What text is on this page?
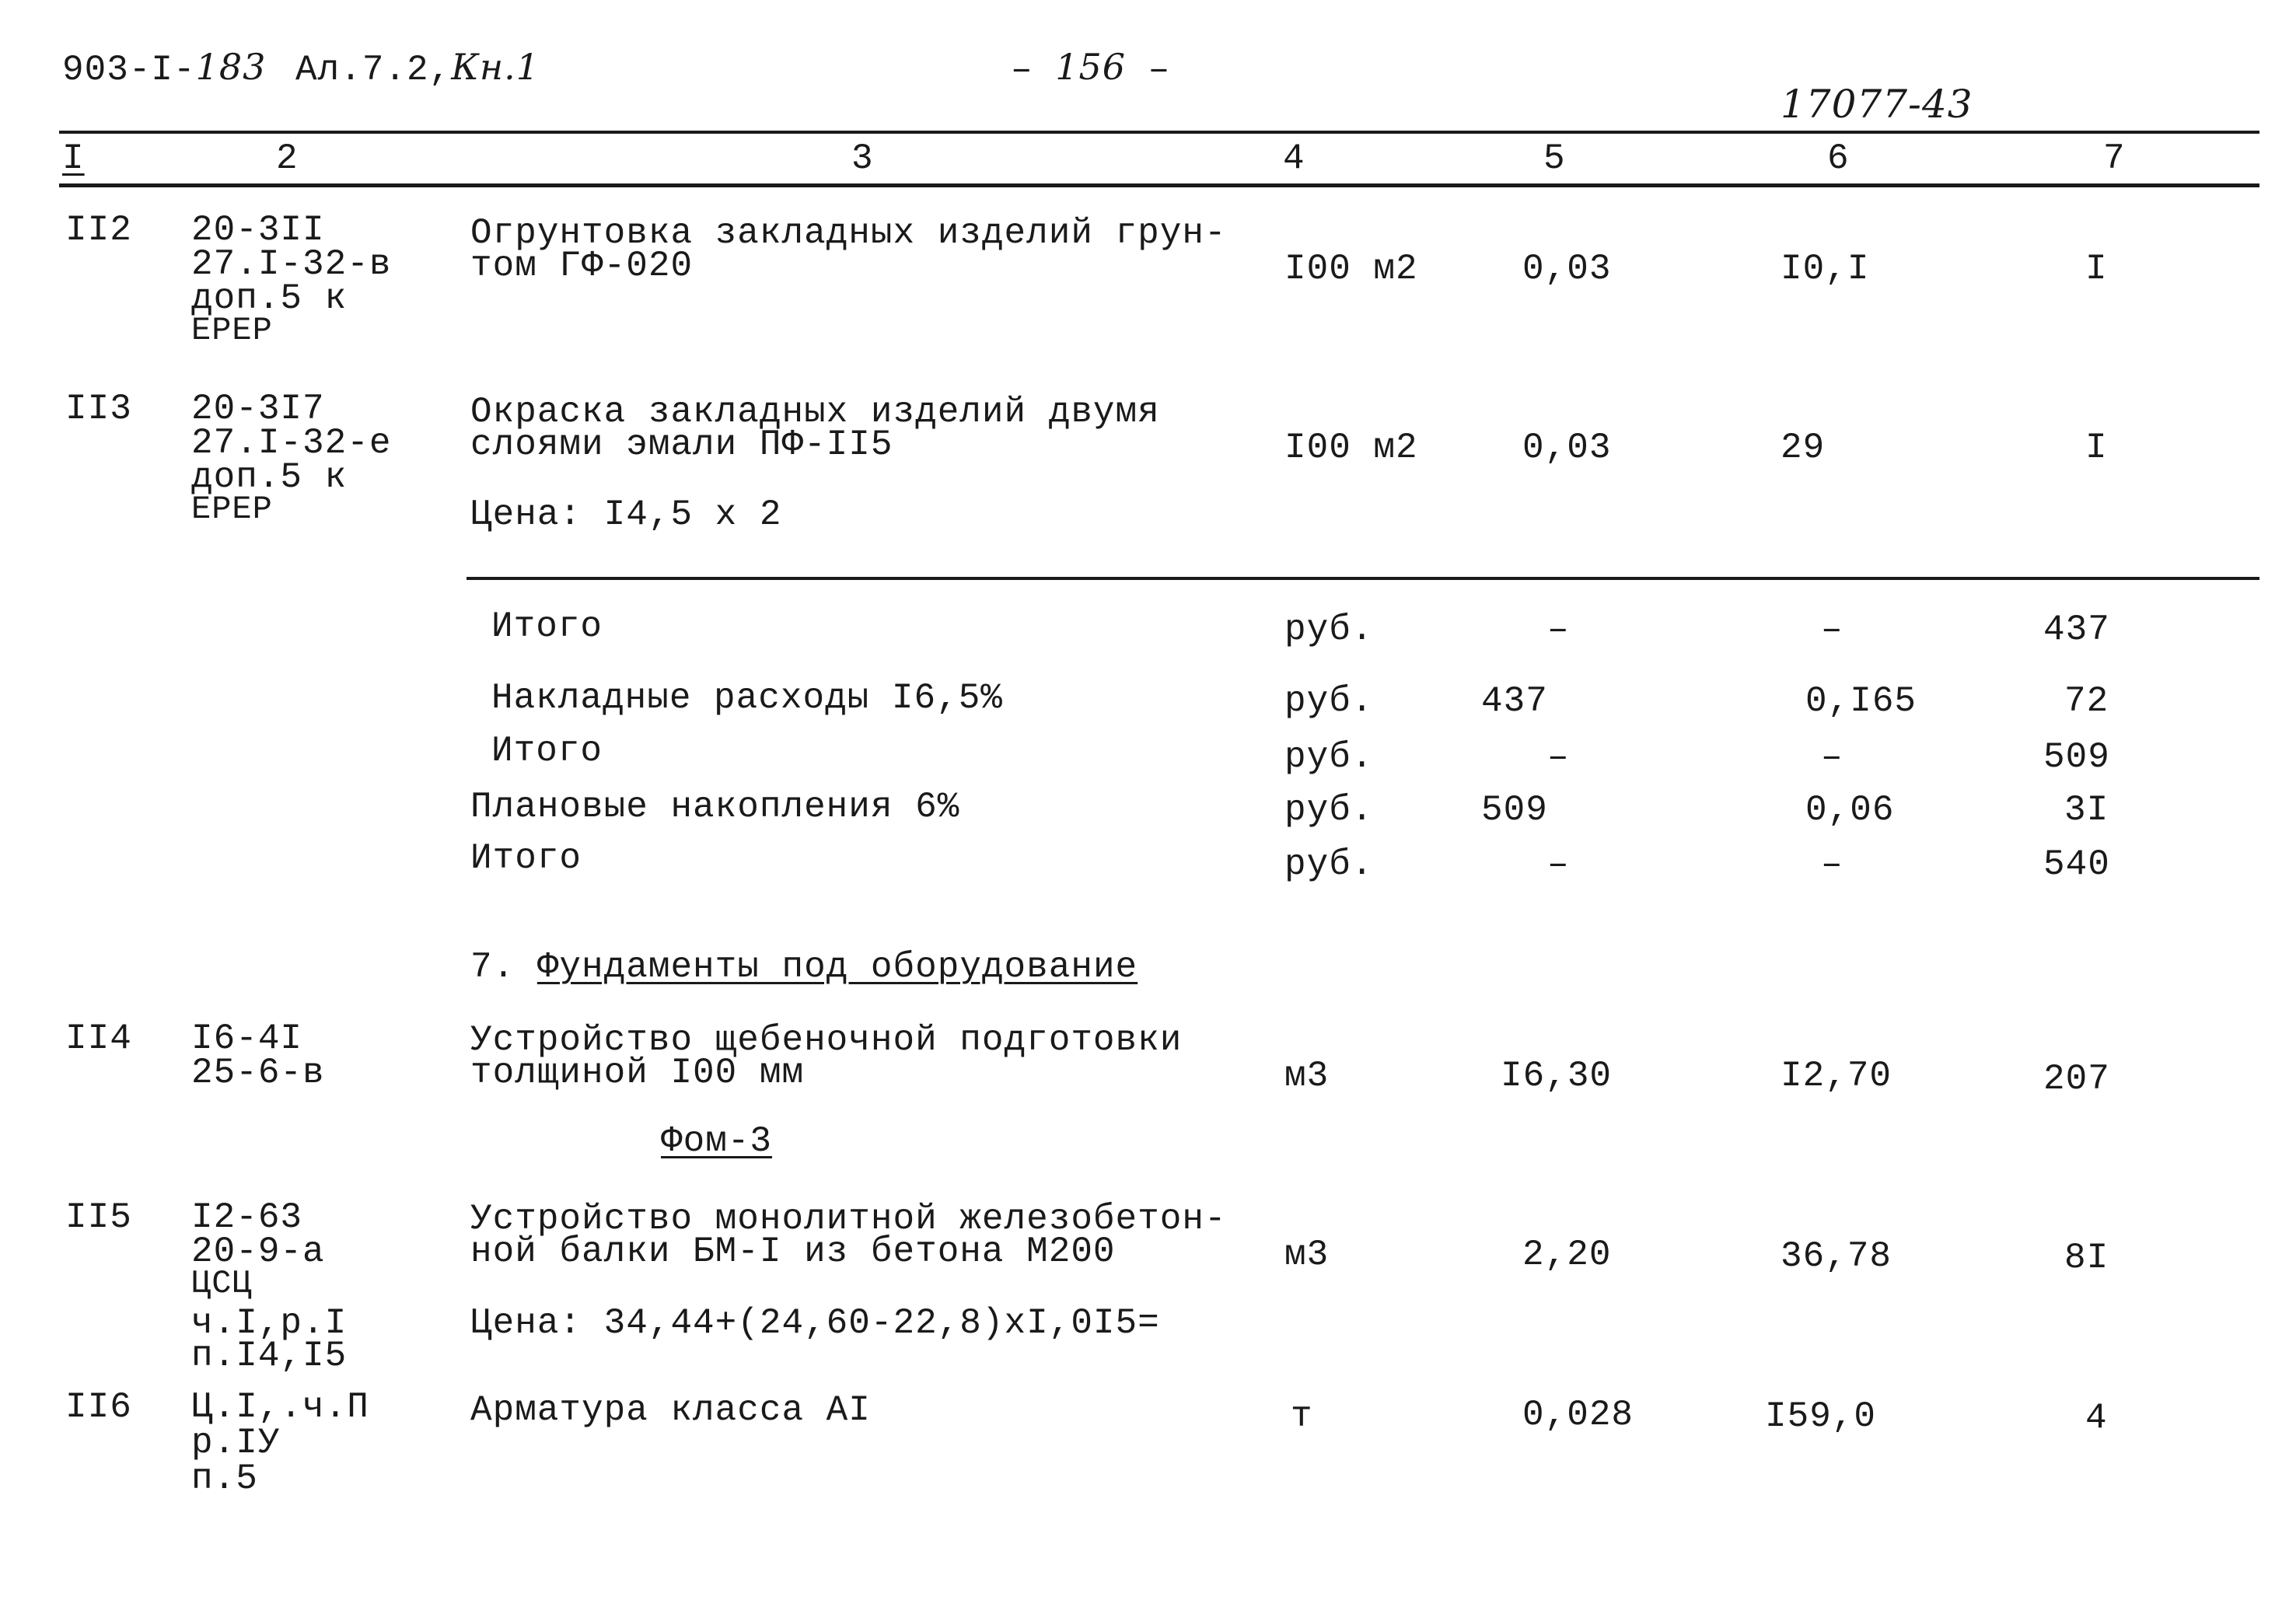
903-I-183 Ал.7.2,Кн.1	– 156 –
17077-43
I	2	3	4	5	6	7
II2 20-3II
27.I-32-в
доп.5 к
ЕРЕР
Огрунтовка закладных изделий грун-
том ГФ-020	I00 м2	0,03	I0,I	I
II3 20-3I7
27.I-32-е
доп.5 к
ЕРЕР
Окраска закладных изделий двумя
слоями эмали ПФ-II5
Цена: I4,5 x 2
I00 м2	0,03	29	I
Итого	руб.	–	–	437
Накладные расходы I6,5%	руб.	437	0,I65	72
Итого	руб.	–	–	509
Плановые накопления 6%	руб.	509	0,06	3I
Итого	руб.	–	–	540
7. Фундаменты под оборудование
II4 I6-4I
25-6-в
Устройство щебеночной подготовки
толщиной I00 мм	м3	I6,30	I2,70	207
Фом-3
II5 I2-63
20-9-а
ЦСЦ
ч.I,р.I
п.I4,I5
Устройство монолитной железобетон-
ной балки БМ-I из бетона М200
Цена: 34,44+(24,60-22,8)xI,0I5=
м3	2,20	36,78	8I
II6 Ц.I,.ч.П
р.IУ
п.5
Арматура класса АI	т	0,028	I59,0	4
